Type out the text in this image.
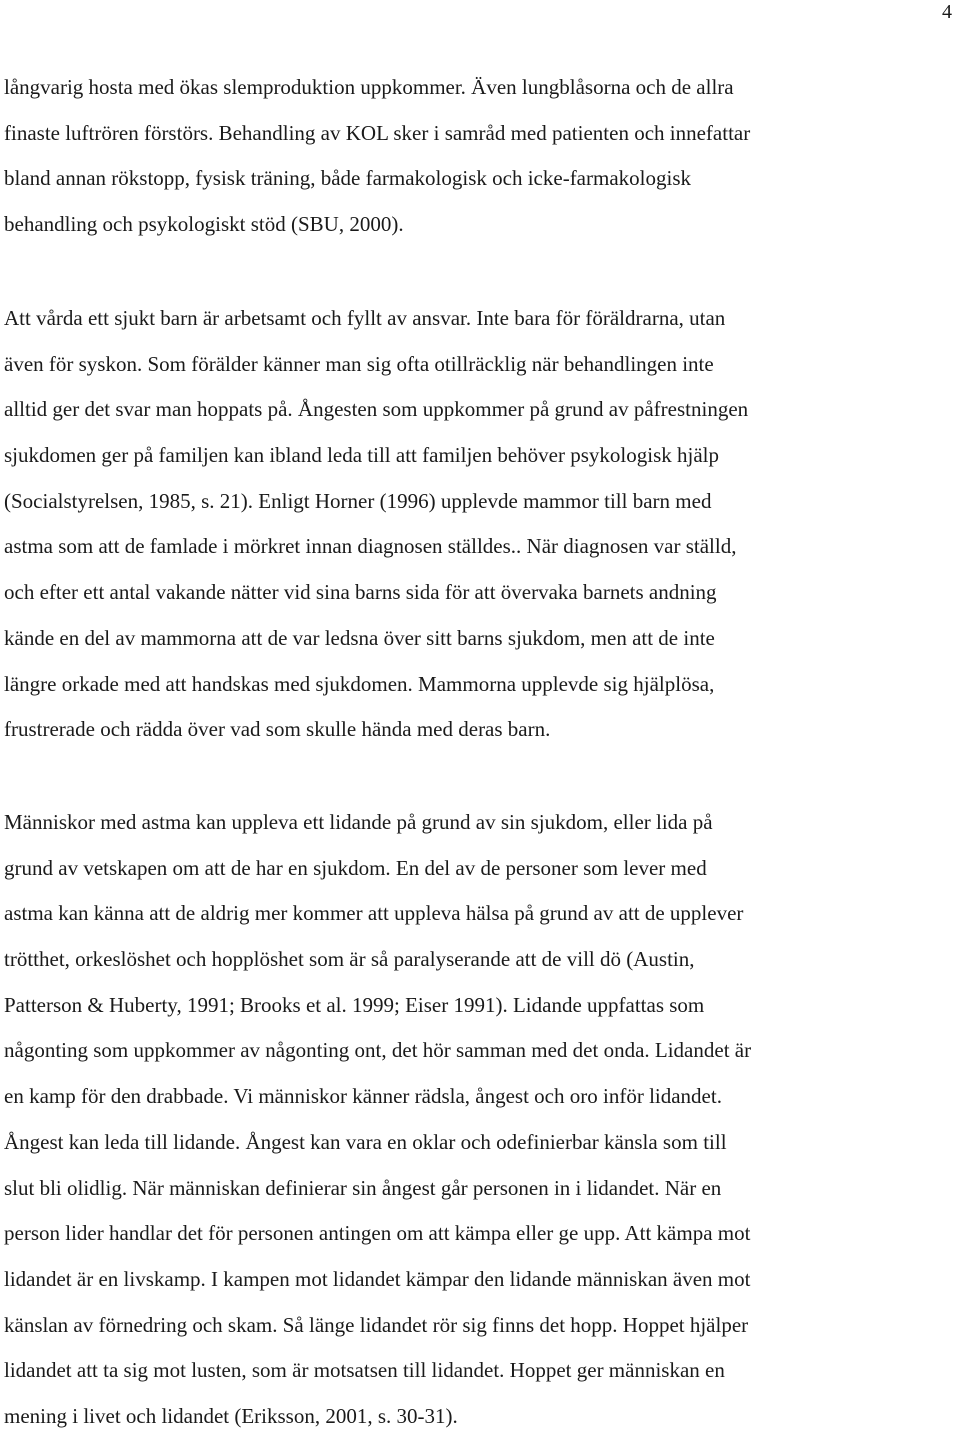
4
långvarig hosta med ökas slemproduktion uppkommer. Även lungblåsorna och de allra
finaste luftrören förstörs. Behandling av KOL sker i samråd med patienten och innefattar
bland annan rökstopp, fysisk träning, både farmakologisk och icke-farmakologisk
behandling och psykologiskt stöd (SBU, 2000).
Att vårda ett sjukt barn är arbetsamt och fyllt av ansvar. Inte bara för föräldrarna, utan
även för syskon. Som förälder känner man sig ofta otillräcklig när behandlingen inte
alltid ger det svar man hoppats på. Ångesten som uppkommer på grund av påfrestningen
sjukdomen ger på familjen kan ibland leda till att familjen behöver psykologisk hjälp
(Socialstyrelsen, 1985, s. 21). Enligt Horner (1996) upplevde mammor till barn med
astma som att de famlade i mörkret innan diagnosen ställdes.. När diagnosen var ställd,
och efter ett antal vakande nätter vid sina barns sida för att övervaka barnets andning
kände en del av mammorna att de var ledsna över sitt barns sjukdom, men att de inte
längre orkade med att handskas med sjukdomen. Mammorna upplevde sig hjälplösa,
frustrerade och rädda över vad som skulle hända med deras barn.
Människor med astma kan uppleva ett lidande på grund av sin sjukdom, eller lida på
grund av vetskapen om att de har en sjukdom. En del av de personer som lever med
astma kan känna att de aldrig mer kommer att uppleva hälsa på grund av att de upplever
trötthet, orkeslöshet och hopplöshet som är så paralyserande att de vill dö (Austin,
Patterson & Huberty, 1991; Brooks et al. 1999; Eiser 1991). Lidande uppfattas som
någonting som uppkommer av någonting ont, det hör samman med det onda. Lidandet är
en kamp för den drabbade. Vi människor känner rädsla, ångest och oro inför lidandet.
Ångest kan leda till lidande. Ångest kan vara en oklar och odefinierbar känsla som till
slut bli olidlig. När människan definierar sin ångest går personen in i lidandet. När en
person lider handlar det för personen antingen om att kämpa eller ge upp. Att kämpa mot
lidandet är en livskamp. I kampen mot lidandet kämpar den lidande människan även mot
känslan av förnedring och skam. Så länge lidandet rör sig finns det hopp. Hoppet hjälper
lidandet att ta sig mot lusten, som är motsatsen till lidandet. Hoppet ger människan en
mening i livet och lidandet (Eriksson, 2001, s. 30-31).
